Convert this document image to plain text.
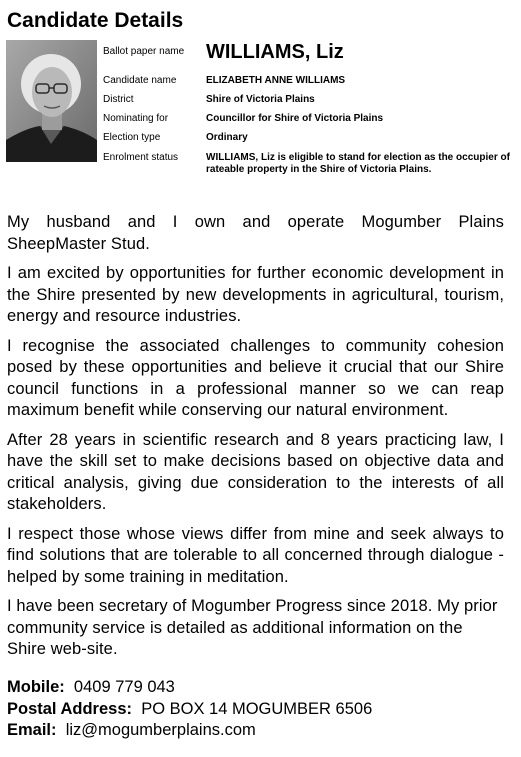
Candidate Details
Ballot paper name WILLIAMS, Liz
Candidate name	ELIZABETH ANNE WILLIAMS
District	Shire of Victoria Plains
Nominating for	Councillor for Shire of Victoria Plains
Election type	Ordinary
Enrolment status	WILLIAMS, Liz is eligible to stand for election as the occupier of rateable property in the Shire of Victoria Plains.

My husband and I own and operate Mogumber Plains SheepMaster Stud.

I am excited by opportunities for further economic development in the Shire presented by new developments in agricultural, tourism, energy and resource industries.

I recognise the associated challenges to community cohesion posed by these opportunities and believe it crucial that our Shire council functions in a professional manner so we can reap maximum benefit while conserving our natural environment.

After 28 years in scientific research and 8 years practicing law, I have the skill set to make decisions based on objective data and critical analysis, giving due consideration to the interests of all stakeholders.

I respect those whose views differ from mine and seek always to find solutions that are tolerable to all concerned through dialogue - helped by some training in meditation.

I have been secretary of Mogumber Progress since 2018. My prior community service is detailed as additional information on the Shire web-site.

Mobile: 0409 779 043
Postal Address: PO BOX 14 MOGUMBER 6506
Email: liz@mogumberplains.com
